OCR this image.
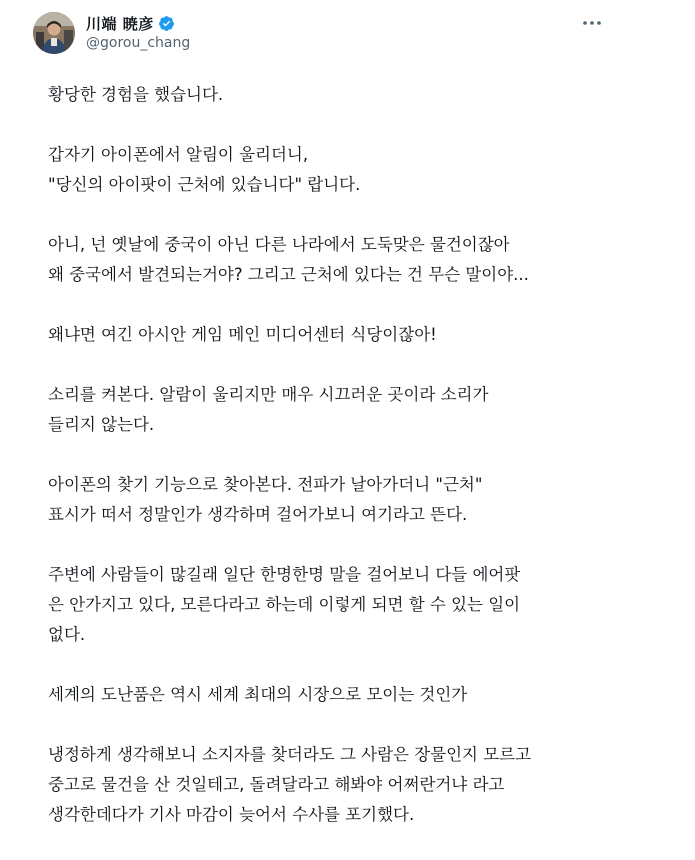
川端 暁彦
@gorou_chang

황당한 경험을 했습니다.

갑자기 아이폰에서 알림이 울리더니,
"당신의 아이팟이 근처에 있습니다" 랍니다.

아니, 넌 옛날에 중국이 아닌 다른 나라에서 도둑맞은 물건이잖아
왜 중국에서 발견되는거야? 그리고 근처에 있다는 건 무슨 말이야...

왜냐면 여긴 아시안 게임 메인 미디어센터 식당이잖아!

소리를 켜본다. 알람이 울리지만 매우 시끄러운 곳이라 소리가
들리지 않는다.

아이폰의 찾기 기능으로 찾아본다. 전파가 날아가더니 "근처"
표시가 떠서 정말인가 생각하며 걸어가보니 여기라고 뜬다.

주변에 사람들이 많길래 일단 한명한명 말을 걸어보니 다들 에어팟
은 안가지고 있다, 모른다라고 하는데 이렇게 되면 할 수 있는 일이
없다.

세계의 도난품은 역시 세계 최대의 시장으로 모이는 것인가

냉정하게 생각해보니 소지자를 찾더라도 그 사람은 장물인지 모르고
중고로 물건을 산 것일테고, 돌려달라고 해봐야 어쩌란거냐 라고
생각한데다가 기사 마감이 늦어서 수사를 포기했다.
